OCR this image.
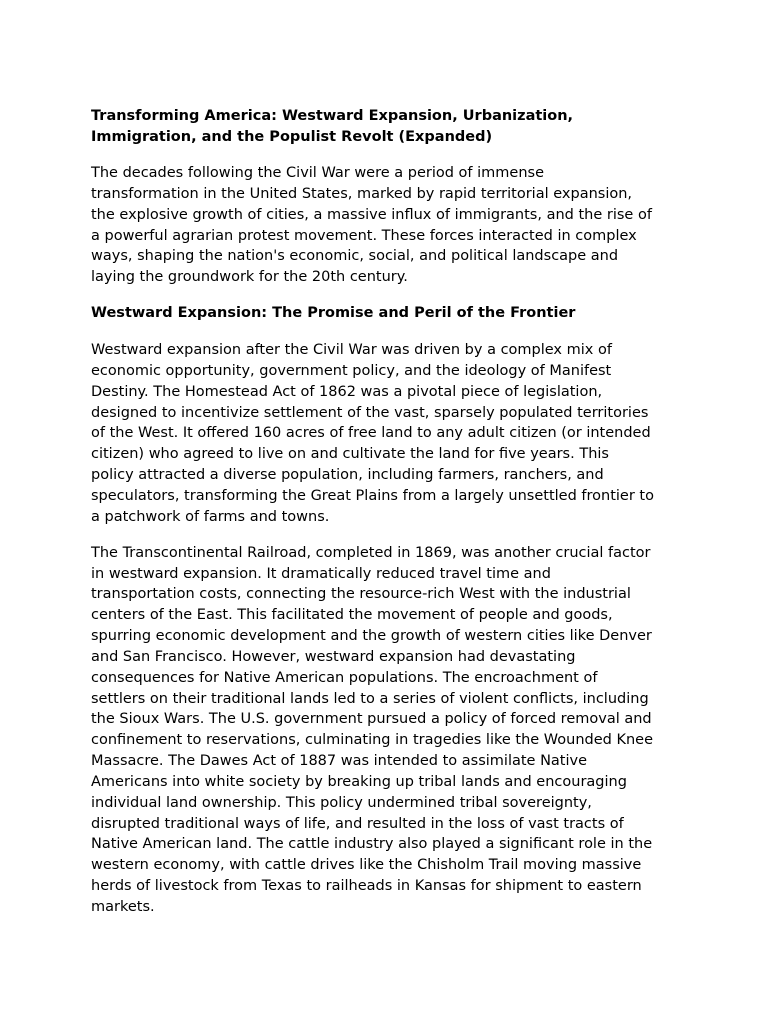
Transforming America: Westward Expansion, Urbanization,
Immigration, and the Populist Revolt (Expanded)

The decades following the Civil War were a period of immense
transformation in the United States, marked by rapid territorial expansion,
the explosive growth of cities, a massive influx of immigrants, and the rise of
a powerful agrarian protest movement. These forces interacted in complex
ways, shaping the nation's economic, social, and political landscape and
laying the groundwork for the 20th century.

Westward Expansion: The Promise and Peril of the Frontier

Westward expansion after the Civil War was driven by a complex mix of
economic opportunity, government policy, and the ideology of Manifest
Destiny. The Homestead Act of 1862 was a pivotal piece of legislation,
designed to incentivize settlement of the vast, sparsely populated territories
of the West. It offered 160 acres of free land to any adult citizen (or intended
citizen) who agreed to live on and cultivate the land for five years. This
policy attracted a diverse population, including farmers, ranchers, and
speculators, transforming the Great Plains from a largely unsettled frontier to
a patchwork of farms and towns.

The Transcontinental Railroad, completed in 1869, was another crucial factor
in westward expansion. It dramatically reduced travel time and
transportation costs, connecting the resource-rich West with the industrial
centers of the East. This facilitated the movement of people and goods,
spurring economic development and the growth of western cities like Denver
and San Francisco. However, westward expansion had devastating
consequences for Native American populations. The encroachment of
settlers on their traditional lands led to a series of violent conflicts, including
the Sioux Wars. The U.S. government pursued a policy of forced removal and
confinement to reservations, culminating in tragedies like the Wounded Knee
Massacre. The Dawes Act of 1887 was intended to assimilate Native
Americans into white society by breaking up tribal lands and encouraging
individual land ownership. This policy undermined tribal sovereignty,
disrupted traditional ways of life, and resulted in the loss of vast tracts of
Native American land. The cattle industry also played a significant role in the
western economy, with cattle drives like the Chisholm Trail moving massive
herds of livestock from Texas to railheads in Kansas for shipment to eastern
markets.
